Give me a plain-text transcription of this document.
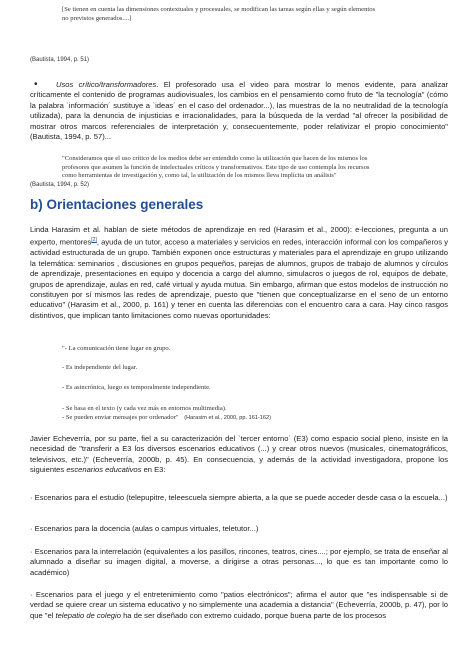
[Se tienen en cuenta las dimensiones contextuales y procesuales, se modifican las tareas según ellas y según elementos
no previstos generados....]
(Bautista, 1994, p. 51)
•	Usos crítico/transformadores. El profesorado usa el video para mostrar lo menos evidente, para analizar críticamente el contenido de programas audiovisuales, los cambios en el pensamiento como fruto de "la tecnología" (cómo la palabra `información´ sustituye a `ideas´ en el caso del ordenador...), las muestras de la no neutralidad de la tecnología utilizada), para la denuncia de injusticias e irracionalidades, para la búsqueda de la verdad "al ofrecer la posibilidad de mostrar otros marcos referenciales de interpretación y, consecuentemente, poder relativizar el propio conocimiento" (Bautista, 1994, p. 57)...
"Consideramos que el uso crítico de los medios debe ser entendido como la utilización que hacen de los mismos los
profesores que asumen la función de intelectuales críticos y transformativos. Este tipo de uso contempla los recursos
como herramientas de investigación y, como tal, la utilización de los mismos lleva implícita un análisis"
(Bautista, 1994, p. 52)
b) Orientaciones generales
Linda Harasim et al. hablan de siete métodos de aprendizaje en red (Harasim et al., 2000): e-lecciones, pregunta a un experto, mentores[2], ayuda de un tutor, acceso a materiales y servicios en redes, interacción informal con los compañeros y actividad estructurada de un grupo. También exponen once estructuras y materiales para el aprendizaje en grupo utilizando la telemática: seminarios , discusiones en grupos pequeños, parejas de alumnos, grupos de trabajo de alumnos y círculos de aprendizaje, presentaciones en equipo y docencia a cargo del alumno, simulacros o juegos de rol, equipos de debate, grupos de aprendizaje, aulas en red, café virtual y ayuda mutua. Sin embargo, afirman que estos modelos de instrucción no constituyen por sí mismos las redes de aprendizaje, puesto que "tienen que conceptualizarse en el seno de un entorno educativo" (Harasim et al., 2000, p. 161) y tener en cuenta las diferencias con el encuentro cara a cara. Hay cinco rasgos distintivos, que implican tanto limitaciones como nuevas oportunidades:
"- La comunicación tiene lugar en grupo.
- Es independiente del lugar.
- Es asincrónica, luego es temporalmente independiente.
- Se basa en el texto (y cada vez más en entornos multimedia).
- Se pueden enviar mensajes por ordenador" (Harasim et al., 2000, pp. 161-162)
Javier Echeverría, por su parte, fiel a su caracterización del `tercer entorno´ (E3) como espacio social pleno, insiste en la necesidad de "transferir a E3 los diversos escenarios educativos (...) y crear otros nuevos (musicales, cinematográficos, televisivos, etc.)" (Echeverría, 2000b, p. 45). En consecuencia, y además de la actividad investigadora, propone los siguientes escenarios educativos en E3:
· Escenarios para el estudio (telepupitre, teleescuela siempre abierta, a la que se puede acceder desde casa o la escuela...)
· Escenarios para la docencia (aulas o campus virtuales, teletutor...)
· Escenarios para la interrelación (equivalentes a los pasillos, rincones, teatros, cines....; por ejemplo, se trata de enseñar al alumnado a diseñar su imagen digital, a moverse, a dirigirse a otras personas..., lo que es tan importante como lo académico)
· Escenarios para el juego y el entretenimiento como "patios electrónicos"; afirma el autor que "es indispensable si de verdad se quiere crear un sistema educativo y no simplemente una academia a distancia" (Echeverría, 2000b, p. 47), por lo que "el telepatio de colegio ha de ser diseñado con extremo cuidado, porque buena parte de los procesos
